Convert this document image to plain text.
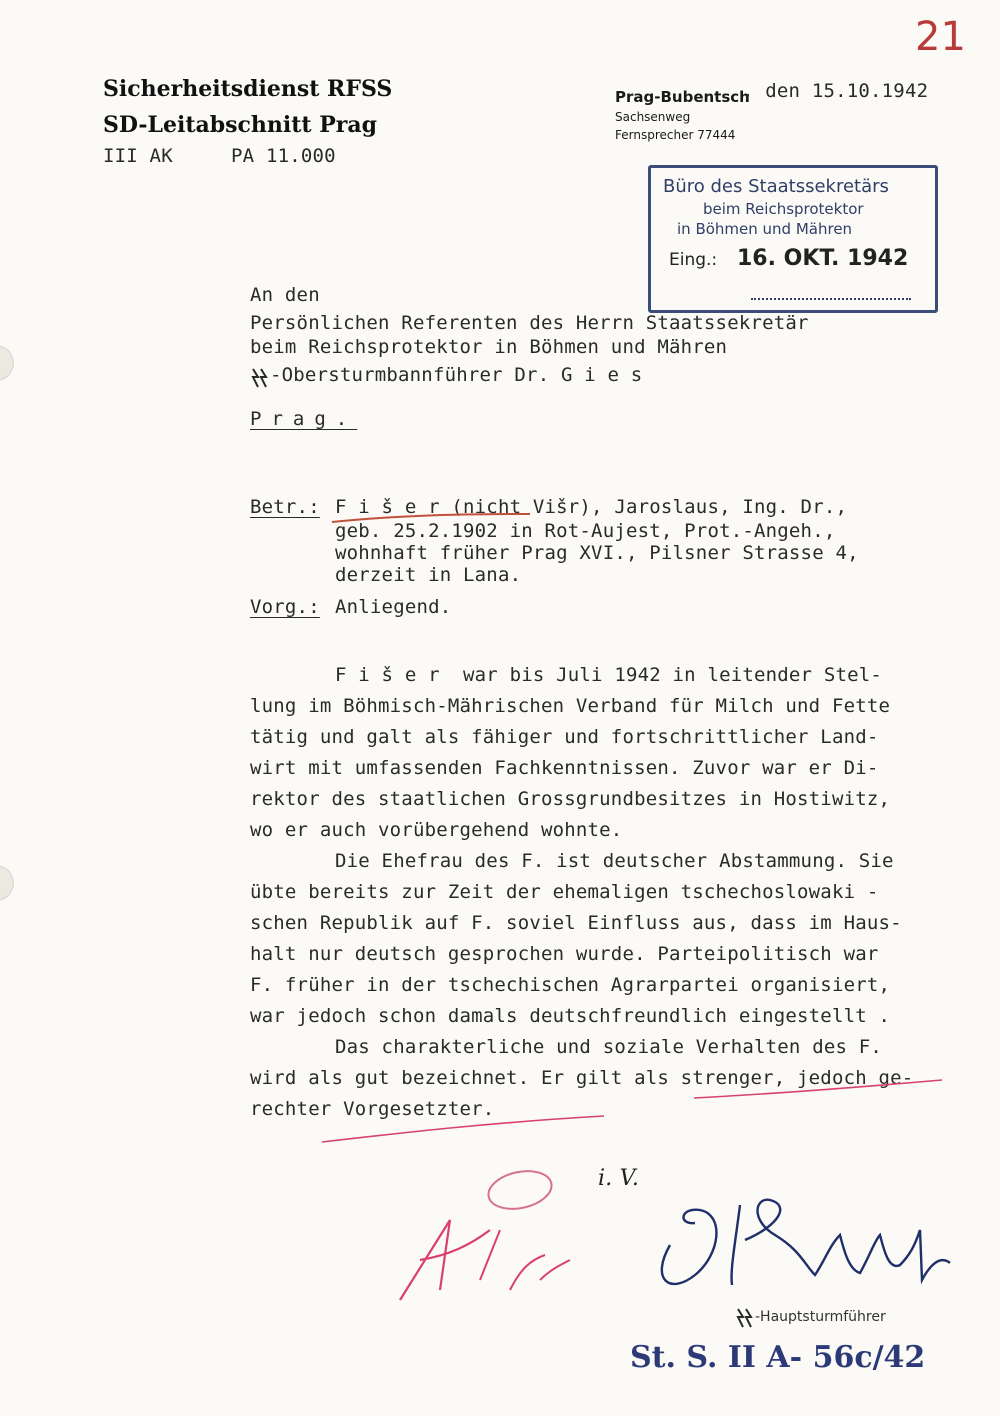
21
Sicherheitsdienst RFSS
SD-Leitabschnitt Prag
III AK     PA 11.000
Prag-Bubentsch
, den 15.10.1942
Sachsenweg
Fernsprecher 77444
Büro des Staatssekretärs
beim Reichsprotektor
in Böhmen und Mähren
Eing.: 16. OKT. 1942
An den
Persönlichen Referenten des Herrn Staatssekretär
beim Reichsprotektor in Böhmen und Mähren
-Obersturmbannführer Dr. G i e s
Prag.
Betr.: F i š e r (nicht Višr), Jaroslaus, Ing. Dr.,
geb. 25.2.1902 in Rot-Aujest, Prot.-Angeh.,
wohnhaft früher Prag XVI., Pilsner Strasse 4,
derzeit in Lana.
Vorg.: Anliegend.
F i š e r  war bis Juli 1942 in leitender Stel-
lung im Böhmisch-Mährischen Verband für Milch und Fette
tätig und galt als fähiger und fortschrittlicher Land-
wirt mit umfassenden Fachkenntnissen. Zuvor war er Di-
rektor des staatlichen Grossgrundbesitzes in Hostiwitz,
wo er auch vorübergehend wohnte.
Die Ehefrau des F. ist deutscher Abstammung. Sie
übte bereits zur Zeit der ehemaligen tschechoslowaki -
schen Republik auf F. soviel Einfluss aus, dass im Haus-
halt nur deutsch gesprochen wurde. Parteipolitisch war
F. früher in der tschechischen Agrarpartei organisiert,
war jedoch schon damals deutschfreundlich eingestellt .
Das charakterliche und soziale Verhalten des F.
wird als gut bezeichnet. Er gilt als strenger, jedoch ge-
rechter Vorgesetzter.
i. V.
-Hauptsturmführer
St. S. II A- 56c/42
